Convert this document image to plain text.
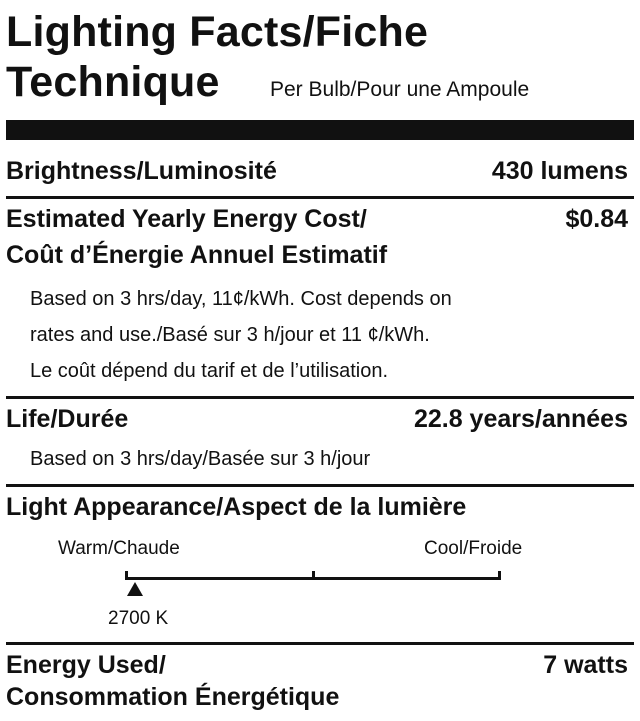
Lighting Facts/Fiche
Technique Per Bulb/Pour une Ampoule
Brightness/Luminosité	430 lumens
Estimated Yearly Energy Cost/	$0.84
Coût d’Énergie Annuel Estimatif
Based on 3 hrs/day, 11¢/kWh. Cost depends on
rates and use./Basé sur 3 h/jour et 11 ¢/kWh.
Le coût dépend du tarif et de l’utilisation.
Life/Durée	22.8 years/années
Based on 3 hrs/day/Basée sur 3 h/jour
Light Appearance/Aspect de la lumière
Warm/Chaude	Cool/Froide
2700 K
Energy Used/	7 watts
Consommation Énergétique
